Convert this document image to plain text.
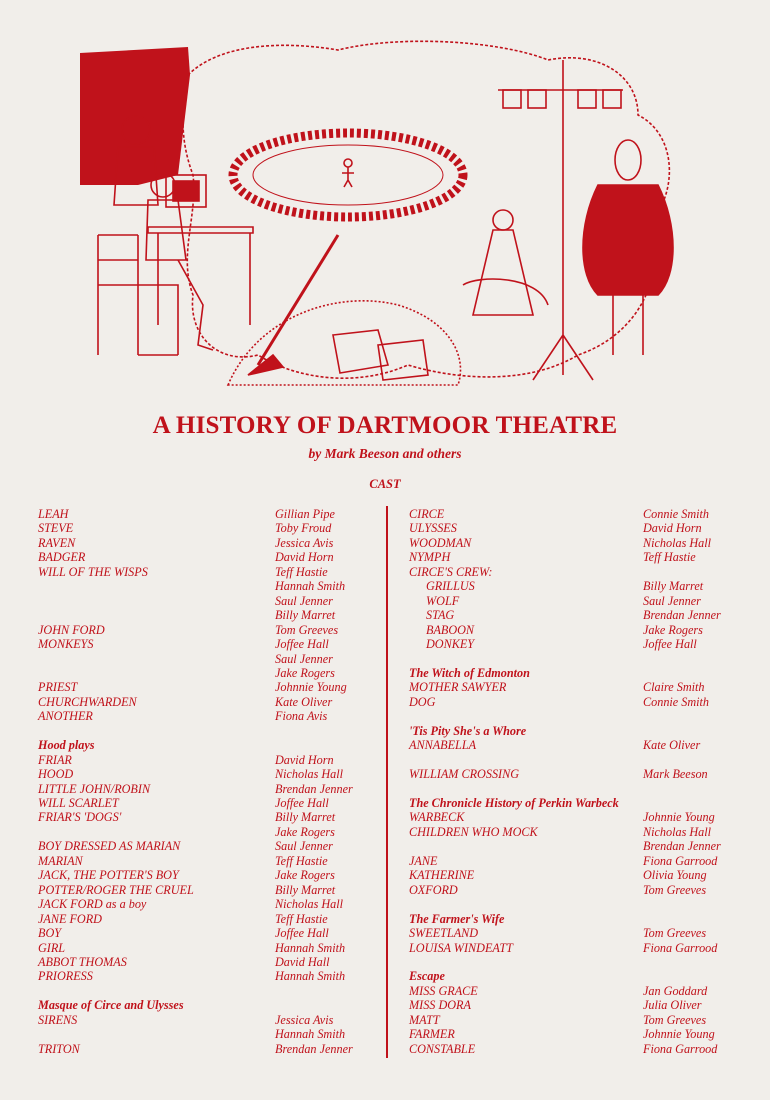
A HISTORY OF DARTMOOR THEATRE
by Mark Beeson and others
CAST
LEAH	Gillian Pipe
STEVE	Toby Froud
RAVEN	Jessica Avis
BADGER	David Horn
WILL OF THE WISPS	Teff Hastie
Hannah Smith
Saul Jenner
Billy Marret
JOHN FORD	Tom Greeves
MONKEYS	Joffee Hall
Saul Jenner
Jake Rogers
PRIEST	Johnnie Young
CHURCHWARDEN	Kate Oliver
ANOTHER	Fiona Avis
Hood plays
FRIAR	David Horn
HOOD	Nicholas Hall
LITTLE JOHN/ROBIN	Brendan Jenner
WILL SCARLET	Joffee Hall
FRIAR'S 'DOGS'	Billy Marret
Jake Rogers
BOY DRESSED AS MARIAN	Saul Jenner
MARIAN	Teff Hastie
JACK, THE POTTER'S BOY	Jake Rogers
POTTER/ROGER THE CRUEL	Billy Marret
JACK FORD as a boy	Nicholas Hall
JANE FORD	Teff Hastie
BOY	Joffee Hall
GIRL	Hannah Smith
ABBOT THOMAS	David Hall
PRIORESS	Hannah Smith
Masque of Circe and Ulysses
SIRENS	Jessica Avis
Hannah Smith
TRITON	Brendan Jenner
CIRCE	Connie Smith
ULYSSES	David Horn
WOODMAN	Nicholas Hall
NYMPH	Teff Hastie
CIRCE'S CREW:
GRILLUS	Billy Marret
WOLF	Saul Jenner
STAG	Brendan Jenner
BABOON	Jake Rogers
DONKEY	Joffee Hall
The Witch of Edmonton
MOTHER SAWYER	Claire Smith
DOG	Connie Smith
'Tis Pity She's a Whore
ANNABELLA	Kate Oliver
WILLIAM CROSSING	Mark Beeson
The Chronicle History of Perkin Warbeck
WARBECK	Johnnie Young
CHILDREN WHO MOCK	Nicholas Hall
Brendan Jenner
JANE	Fiona Garrood
KATHERINE	Olivia Young
OXFORD	Tom Greeves
The Farmer's Wife
SWEETLAND	Tom Greeves
LOUISA WINDEATT	Fiona Garrood
Escape
MISS GRACE	Jan Goddard
MISS DORA	Julia Oliver
MATT	Tom Greeves
FARMER	Johnnie Young
CONSTABLE	Fiona Garrood
